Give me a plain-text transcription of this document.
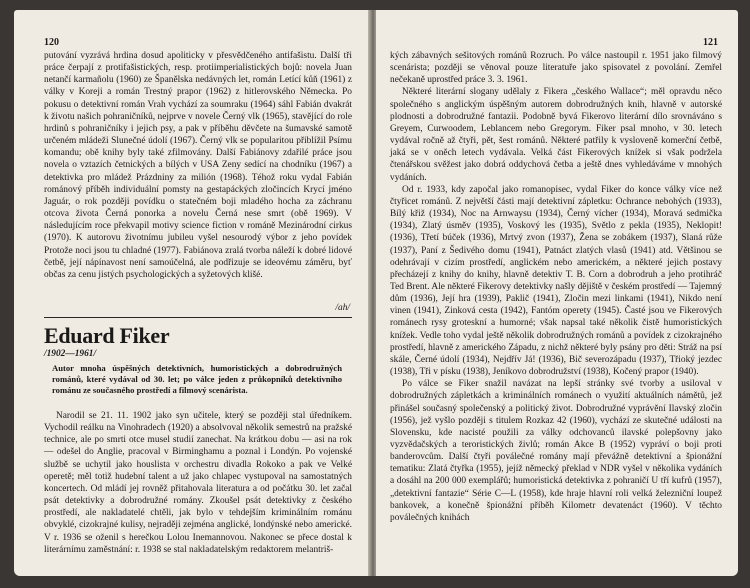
120

putování vyzrává hrdina dosud apoliticky v přesvědčeného antifašistu. Další tři práce čerpají z protifašistických, resp. protiimperialistických bojů: novela Juan netančí karmañolu (1960) ze Španělska nedávných let, román Letící kůň (1961) z války v Koreji a román Trestný prapor (1962) z hitlerovského Německa. Po pokusu o detektivní román Vrah vychází za soumraku (1964) sáhl Fabián dvakrát k životu našich pohraničníků, nejprve v novele Černý vlk (1965), stavějící do role hrdinů s pohraničníky i jejich psy, a pak v příběhu děvčete na šumavské samotě určeném mládeži Slunečné údolí (1967). Černý vlk se popularitou přiblížil Psímu komandu; obě knihy byly také zfilmovány. Další Fabiánovy zdařilé práce jsou novela o vztazích četnických a bílých v USA Zeny sedící na chodníku (1967) a detektivka pro mládež Prázdniny za milión (1968). Téhož roku vydal Fabián románový příběh individuální pomsty na gestapáckých zločincích Krycí jméno Jaguár, o rok později povídku o statečném boji mladého hocha za záchranu otcova života Černá ponorka a novelu Černá nese smrt (obě 1969). V následujícím roce překvapil motivy science fiction v románě Mezinárodní cirkus (1970). K autorovu životnímu jubileu vyšel nesourodý výbor z jeho povídek Protože noci jsou tu chladné (1977). Fabiánova zralá tvorba náleží k dobré lidové četbě, její nápínavost není samoúčelná, ale podřizuje se ideovému záměru, byť občas za cenu jistých psychologických a syžetových klišé.

/ah/
Eduard Fiker
/1902—1961/
Autor mnoha úspěšných detektivních, humoristických a dobrodružných románů, které vydával od 30. let; po válce jeden z průkopníků detektivního románu ze současného prostředí a filmový scenárista.

Narodil se 21. 11. 1902 jako syn učitele, který se později stal úředníkem. Vychodil reálku na Vinohradech (1920) a absolvoval několik semestrů na pražské technice, ale po smrti otce musel studií zanechat. Na krátkou dobu — asi na rok — odešel do Anglie, pracoval v Birminghamu a poznal i Londýn. Po vojenské službě se uchytil jako houslista v orchestru divadla Rokoko a pak ve Velké operetě; měl totiž hudební talent a už jako chlapec vystupoval na samostatných koncertech. Od mládí jej rovněž přitahovala literatura a od počátku 30. let začal psát detektivky a dobrodružné romány. Zkoušel psát detektivky z českého prostředí, ale nakladatelé chtěli, jak bylo v tehdejším kriminálním románu obvyklé, cizokrajné kulisy, nejraději zejména anglické, londýnské nebo americké. V r. 1936 se oženil s herečkou Lolou Inemannovou. Nakonec se přece dostal k literárnímu zaměstnání: r. 1938 se stal nakladatelským redaktorem melantriš-

121

kých zábavných sešitových románů Rozruch. Po válce nastoupil r. 1951 jako filmový scenárista; později se věnoval pouze literatuře jako spisovatel z povolání. Zemřel nečekaně uprostřed práce 3. 3. 1961.

Některé literární slogany udělaly z Fikera „českého Wallace“; měl opravdu něco společného s anglickým úspěšným autorem dobrodružných knih, hlavně v autorské plodnosti a dobrodružné fantazii. Podobně byvá Fikerovo literární dílo srovnáváno s Greyem, Curwoodem, Leblancem nebo Gregorym. Fiker psal mnoho, v 30. letech vydával ročně až čtyři, pět, šest románů. Některé patřily k vysloveně komerční četbě, jaká se v oněch letech vydávala. Velká část Fikerových knížek si však podržela čtenářskou svěžest jako dobrá oddychová četba a ještě dnes vyhledáváme v mnohých vydáních.

Od r. 1933, kdy započal jako romanopisec, vydal Fiker do konce války více než čtyřicet románů. Z největší části mají detektivní zápletku: Ochrance nebohých (1933), Bílý křiž (1934), Noc na Arnwaysu (1934), Černý vícher (1934), Moravá sedmička (1934), Zlatý úsměv (1935), Voskový les (1935), Světlo z pekla (1935), Neklopit! (1936), Třetí búček (1936), Mrtvý zvon (1937), Žena se zobákem (1937), Slaná růže (1937), Paní z Šedivého domu (1941), Patnáct zlatých vlasů (1941) atd. Většinou se odehrávají v cizím prostředí, anglickém nebo americkém, a některé jejich postavy přecházejí z knihy do knihy, hlavně detektiv T. B. Corn a dobrodruh a jeho protihráč Ted Brent. Ale některé Fikerovy detektivky našly dějiště v českém prostředí — Tajemný dům (1936), Její hra (1939), Paklič (1941), Zločin mezi linkami (1941), Nikdo není vinen (1941), Zinková cesta (1942), Fantóm operety (1945). Časté jsou ve Fikerových románech rysy groteskní a humorné; však napsal také několik čistě humoristických knížek. Vedle toho vydal ještě několik dobrodružných románů a povídek z cizokrajného prostředí, hlavně z amerického Západu, z nichž některé byly psány pro děti: Stráž na psí skále, Černé údolí (1934), Nejdřív Já! (1936), Bič severozápadu (1937), Třioký jezdec (1938), Tři v písku (1938), Jeníkovo dobrodružství (1938), Kočený prapor (1940).

Po válce se Fiker snažil navázat na lepší stránky své tvorby a usiloval v dobrodružných zápletkách a kriminálních románech o využití aktuálních námětů, jež přinášel současný společenský a politický život. Dobrodružné vyprávění Ilavský zločin (1956), jež vyšlo později s titulem Rozkaz 42 (1960), vychází ze skutečné události na Slovensku, kde nacisté použili za války odchovanců ilavské polepšovny jako vyzvědačských a teroristických živlů; román Akce B (1952) vypráví o boji proti banderovcům. Další čtyři poválečné romány mají převážně detektivní a špionážní tematiku: Zlatá čtyřka (1955), jejíž německý překlad v NDR vyšel v několika vydáních a dosáhl na 200 000 exemplářů; humoristická detektivka z pohraničí U tří kufrů (1957), „detektivní fantazie“ Série C—L (1958), kde hraje hlavní roli velká železniční loupež bankovek, a konečně špionážní příběh Kilometr devatenáct (1960). V těchto poválečných knihách
